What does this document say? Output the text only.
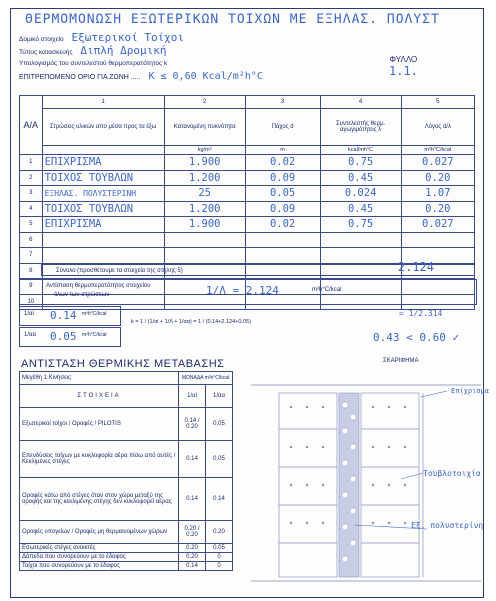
ΘΕΡΜΟΜΟΝΩΣΗ ΕΞΩΤΕΡΙΚΩΝ ΤΟΙΧΩΝ ΜΕ ΕΞΗΛΑΣ. ΠΟΛΥΣΤ
Δομικό στοιχείο Εξωτερικοί Τοίχοι
Τύπος κατασκευής Διπλή Δρομική
Υπολογισμός του συντελεστού θερμοπερατότητος k
ΕΠΙΤΡΕΠΟΜΕΝΟ ΟΡΙΟ ΓΙΑ ΖΩΝΗ ..... K ≤ 0,60 Kcal/m²h°C
ΦΥΛΛΟ
1.1.
Α/Α	1	2	3	4	5
	Στρώσεις υλικών απο μέσα προς τα έξω	Κατανομένη πυκνότητα	Πάχος d	Συντελεστής θερμ. αγωγιμότητος λ	Λόγος d/λ
		kg/m³	m	kcal/mh°C	m²h°C/kcal
1	ΕΠΙΧΡΙΣΜΑ	1.900	0.02	0.75	0.027
2	ΤΟΙΧΟΣ ΤΟΥΒΛΩΝ	1.200	0.09	0.45	0.20
3	ΕΞΗΛΑΣ. ΠΟΛΥΣΤΕΡΙΝΗ	25	0.05	0.024	1.07
4	ΤΟΙΧΟΣ ΤΟΥΒΛΩΝ	1.200	0.09	0.45	0.20
5	ΕΠΙΧΡΙΣΜΑ	1.900	0.02	0.75	0.027
6					
7					
8					
9					
10					
Σύνολο (προσθέτουμε τα στοιχεία της στήλης 5)	2.124
Αντίσταση θερμοπερατότητος στοιχείου
όλων των στρώσεων	1/Λ = 2.124	m²h°C/kcal
1/αi 0.14 m²h°C/kcal
1/αα 0.05 m²h°C/kcal
k = 1 / (1/αi + 1/Λ + 1/αα) = 1 / (0.14+2.124+0.05)
= 1/2.314
0.43 < 0.60 ✓
ΑΝΤΙΣΤΑΣΗ ΘΕΡΜΙΚΗΣ ΜΕΤΑΒΑΣΗΣ
Μεγέθη 1 Κινήσεις	ΜΟΝΑΔΑ m²h°C/kcal	
ΣΤΟΙΧΕΙΑ	1/αi	1/αα
Εξωτερικοί τοίχοι / Οροφές / PILOTIS	0.14 / 0.20	0.05
Επενδύσεις τοίχων με κυκλοφορία αέρα πίσω από αυτές / Κεκλιμένες στέγες	0.14	0.05
Οροφές κάτω από στέγες όταν στον χώρο μεταξύ της οροφής και της κεκλιμένης στέγης δεν κυκλοφορεί αέρας	0.14	0.14
Οροφές υπογείων / Οροφές μη θερμαινομένων χώρων	0.20 / 0.20	0.20
Εσωτερικές στέγες ανοικτές	0.20	0.05
Δάπεδα που συνορεύουν με το έδαφος	0.20	0
Τοίχοι που συνορεύουν με το έδαφος	0.14	0
ΣΚΑΡΙΦΗΜΑ
Επίχρισμα
Τουβλοτοιχία
Εξ. πολυστερίνη
